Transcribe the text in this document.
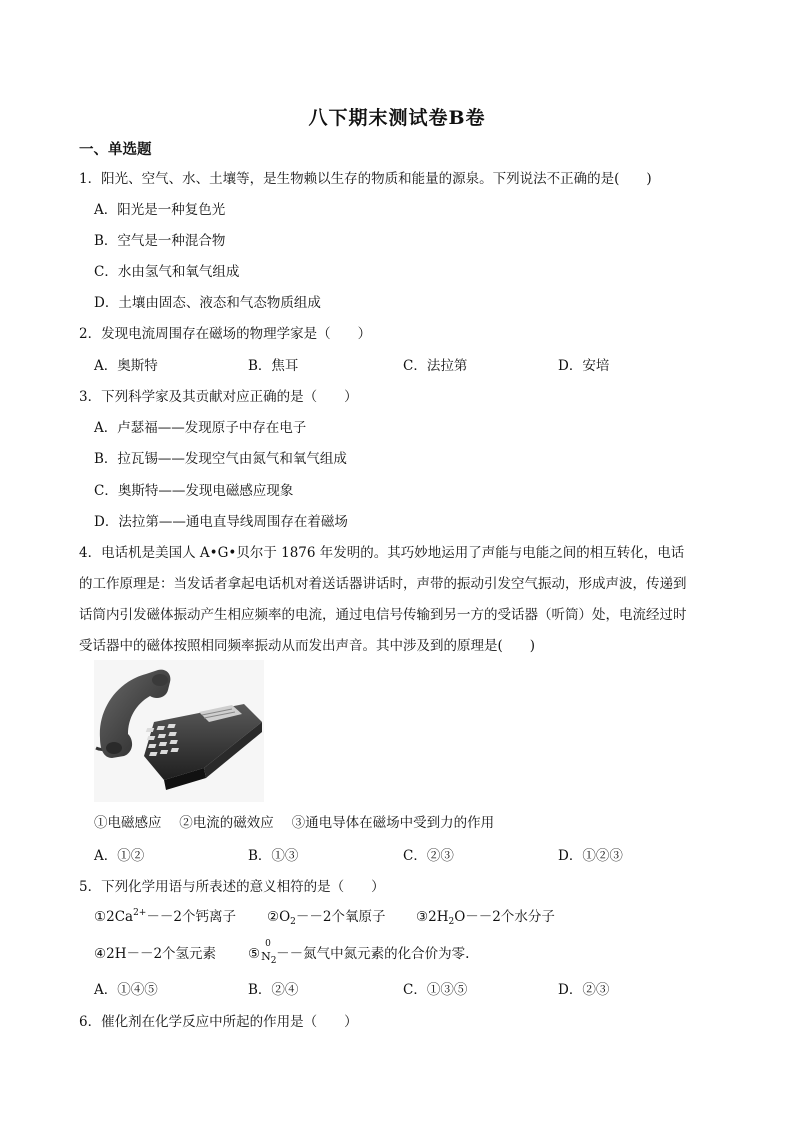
八下期末测试卷B卷
一、单选题
1．阳光、空气、水、土壤等，是生物赖以生存的物质和能量的源泉。下列说法不正确的是(　　)
A．阳光是一种复色光
B．空气是一种混合物
C．水由氢气和氧气组成
D．土壤由固态、液态和气态物质组成
2．发现电流周围存在磁场的物理学家是（　　）
A．奥斯特	B．焦耳	C．法拉第	D．安培
3．下列科学家及其贡献对应正确的是（　　）
A．卢瑟福——发现原子中存在电子
B．拉瓦锡——发现空气由氮气和氧气组成
C．奥斯特——发现电磁感应现象
D．法拉第——通电直导线周围存在着磁场
4．电话机是美国人 A•G•贝尔于 1876 年发明的。其巧妙地运用了声能与电能之间的相互转化，电话
的工作原理是：当发话者拿起电话机对着送话器讲话时，声带的振动引发空气振动，形成声波，传递到
话筒内引发磁体振动产生相应频率的电流，通过电信号传输到另一方的受话器（听筒）处，电流经过时
受话器中的磁体按照相同频率振动从而发出声音。其中涉及到的原理是(　　)
①电磁感应　 ②电流的磁效应　 ③通电导体在磁场中受到力的作用
A．①②	B．①③	C．②③	D．①②③
5．下列化学用语与所表述的意义相符的是（　　）
$①2Ca^{2+}--2$个钙离子 $②O_2--2$个氧原子 $③2H_2O--2$个水分子
④2H－－2个氢元素 ⑤
0
$N_2$ －－氮气中氮元素的化合价为零.
A．①④⑤	B．②④	C．①③⑤	D．②③
6．催化剂在化学反应中所起的作用是（　　）
